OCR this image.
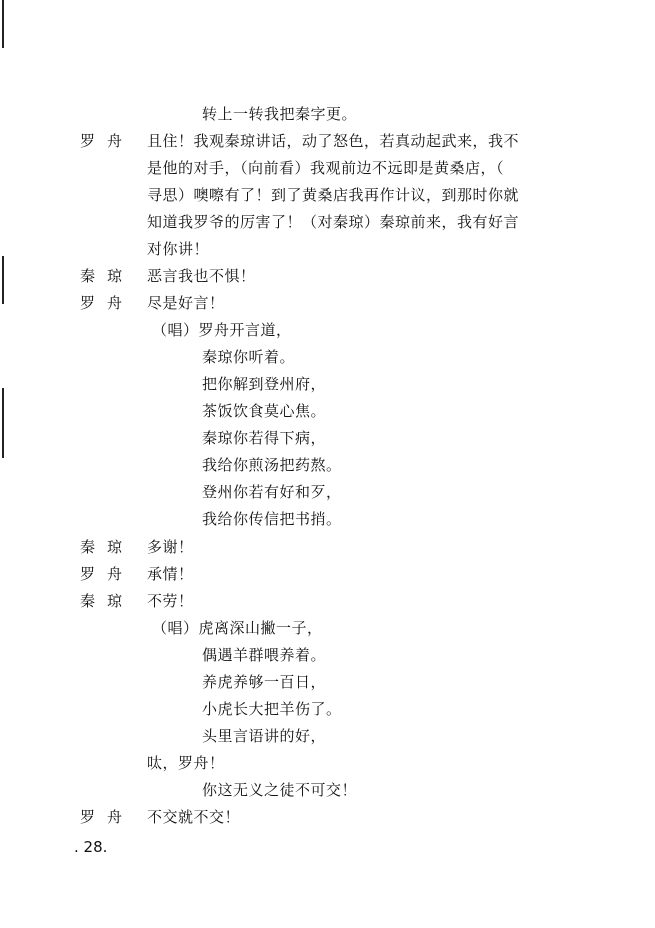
转上一转我把秦字更。
罗舟 且住！我观秦琼讲话，动了怒色，若真动起武来，我不
是他的对手，（向前看）我观前边不远即是黄桑店，（
寻思）噢嚓有了！到了黄桑店我再作计议，到那时你就
知道我罗爷的厉害了！（对秦琼）秦琼前来，我有好言
对你讲！
秦琼 恶言我也不惧！
罗舟 尽是好言！
（唱）罗舟开言道，
秦琼你听着。
把你解到登州府，
茶饭饮食莫心焦。
秦琼你若得下病，
我给你煎汤把药熬。
登州你若有好和歹，
我给你传信把书捎。
秦琼 多谢！
罗舟 承情！
秦琼 不劳！
（唱）虎离深山撇一子，
偶遇羊群喂养着。
养虎养够一百日，
小虎长大把羊伤了。
头里言语讲的好，
呔，罗舟！
你这无义之徒不可交！
罗舟 不交就不交！
. 28.
